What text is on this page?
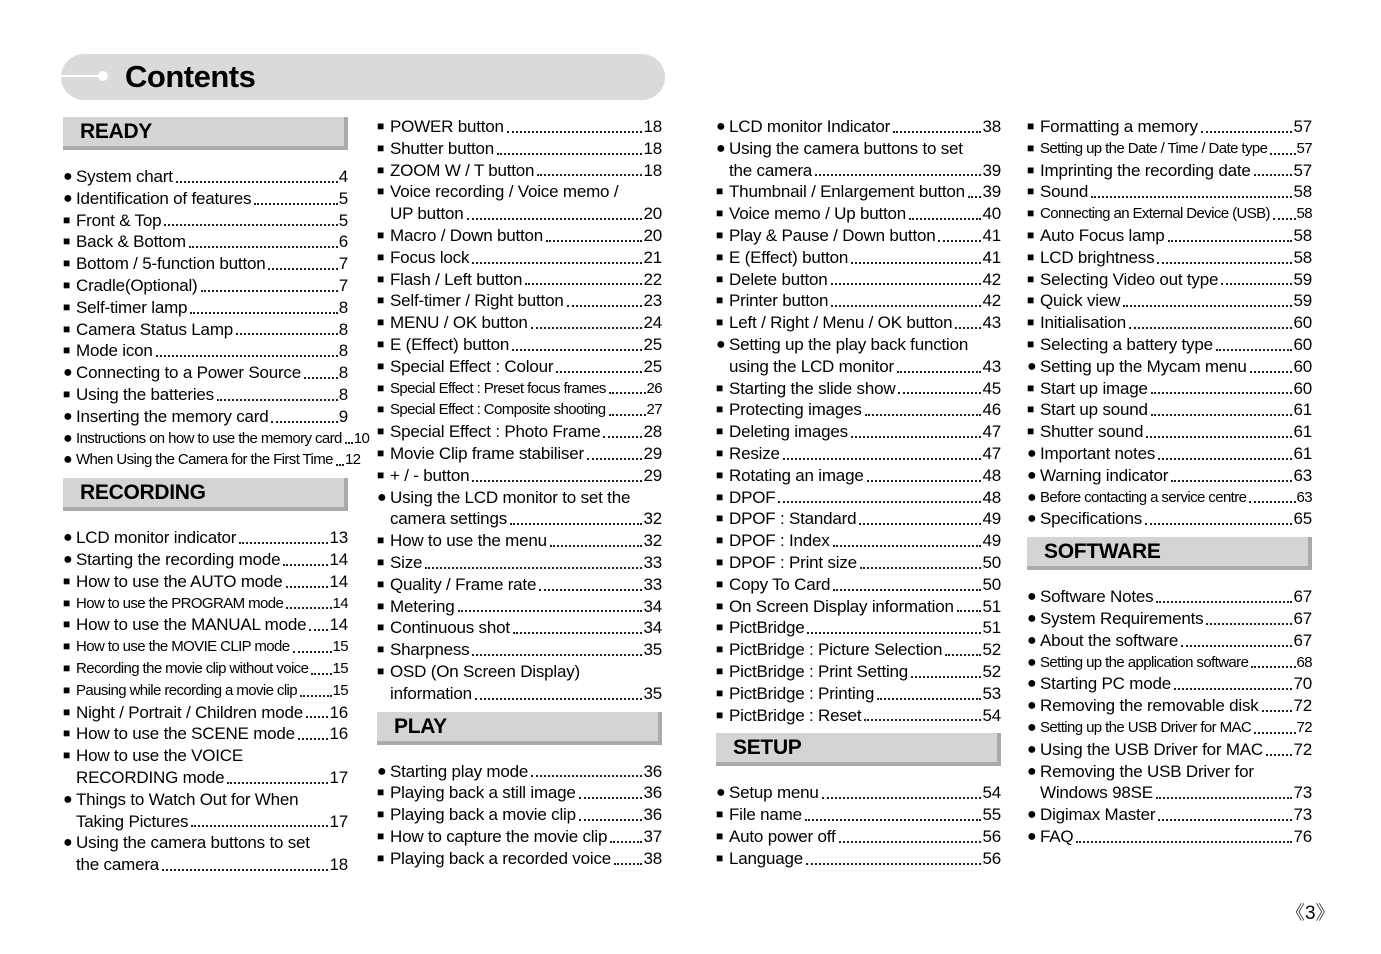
Contents
READY
● System chart	4
● Identification of features	5
■ Front & Top	5
■ Back & Bottom	6
■ Bottom / 5-function button	7
■ Cradle(Optional)	7
■ Self-timer lamp	8
■ Camera Status Lamp	8
■ Mode icon	8
● Connecting to a Power Source 8
■ Using the batteries	8
● Inserting the memory card	9
● Instructions on how to use the memory card 10
● When Using the Camera for the First Time 12
RECORDING
● LCD monitor indicator	13
● Starting the recording mode	14
■ How to use the AUTO mode	14
■ How to use the PROGRAM mode	14
■ How to use the MANUAL mode 14
■ How to use the MOVIE CLIP mode	15
■ Recording the movie clip without voice 15
■ Pausing while recording a movie clip 15
■ Night / Portrait / Children mode 16
■ How to use the SCENE mode 16
■ How to use the VOICE
RECORDING mode	17
● Things to Watch Out for When
Taking Pictures	17
● Using the camera buttons to set
the camera	18
■ POWER button	18
■ Shutter button	18
■ ZOOM W / T button	18
■ Voice recording / Voice memo /
UP button	20
■ Macro / Down button	20
■ Focus lock	21
■ Flash / Left button	22
■ Self-timer / Right button	23
■ MENU / OK button	24
■ E (Effect) button	25
■ Special Effect : Colour	25
■ Special Effect : Preset focus frames	26
■ Special Effect : Composite shooting	27
■ Special Effect : Photo Frame	28
■ Movie Clip frame stabiliser	29
■ + / - button	29
● Using the LCD monitor to set the
camera settings	32
■ How to use the menu	32
■ Size	33
■ Quality / Frame rate	33
■ Metering	34
■ Continuous shot	34
■ Sharpness	35
■ OSD (On Screen Display)
information	35
PLAY
● Starting play mode	36
■ Playing back a still image	36
■ Playing back a movie clip	36
■ How to capture the movie clip 37
■ Playing back a recorded voice 38
● LCD monitor Indicator	38
● Using the camera buttons to set
the camera	39
■ Thumbnail / Enlargement button 39
■ Voice memo / Up button	40
■ Play & Pause / Down button	41
■ E (Effect) button	41
■ Delete button	42
■ Printer button	42
■ Left / Right / Menu / OK button 43
● Setting up the play back function
using the LCD monitor	43
■ Starting the slide show	45
■ Protecting images	46
■ Deleting images	47
■ Resize	47
■ Rotating an image	48
■ DPOF	48
■ DPOF : Standard	49
■ DPOF : Index	49
■ DPOF : Print size	50
■ Copy To Card	50
■ On Screen Display information 51
■ PictBridge	51
■ PictBridge : Picture Selection 52
■ PictBridge : Print Setting	52
■ PictBridge : Printing	53
■ PictBridge : Reset	54
SETUP
● Setup menu	54
■ File name	55
■ Auto power off	56
■ Language	56
■ Formatting a memory	57
■ Setting up the Date / Time / Date type 57
■ Imprinting the recording date	57
■ Sound	58
■ Connecting an External Device (USB) 58
■ Auto Focus lamp	58
■ LCD brightness	58
■ Selecting Video out type	59
■ Quick view	59
■ Initialisation	60
■ Selecting a battery type	60
● Setting up the Mycam menu	60
■ Start up image	60
■ Start up sound	61
■ Shutter sound	61
● Important notes	61
● Warning indicator	63
● Before contacting a service centre	63
● Specifications	65
SOFTWARE
● Software Notes	67
● System Requirements	67
● About the software	67
● Setting up the application software	68
● Starting PC mode	70
● Removing the removable disk 72
● Setting up the USB Driver for MAC	72
● Using the USB Driver for MAC 72
● Removing the USB Driver for
Windows 98SE	73
● Digimax Master	73
● FAQ	76
《3》
